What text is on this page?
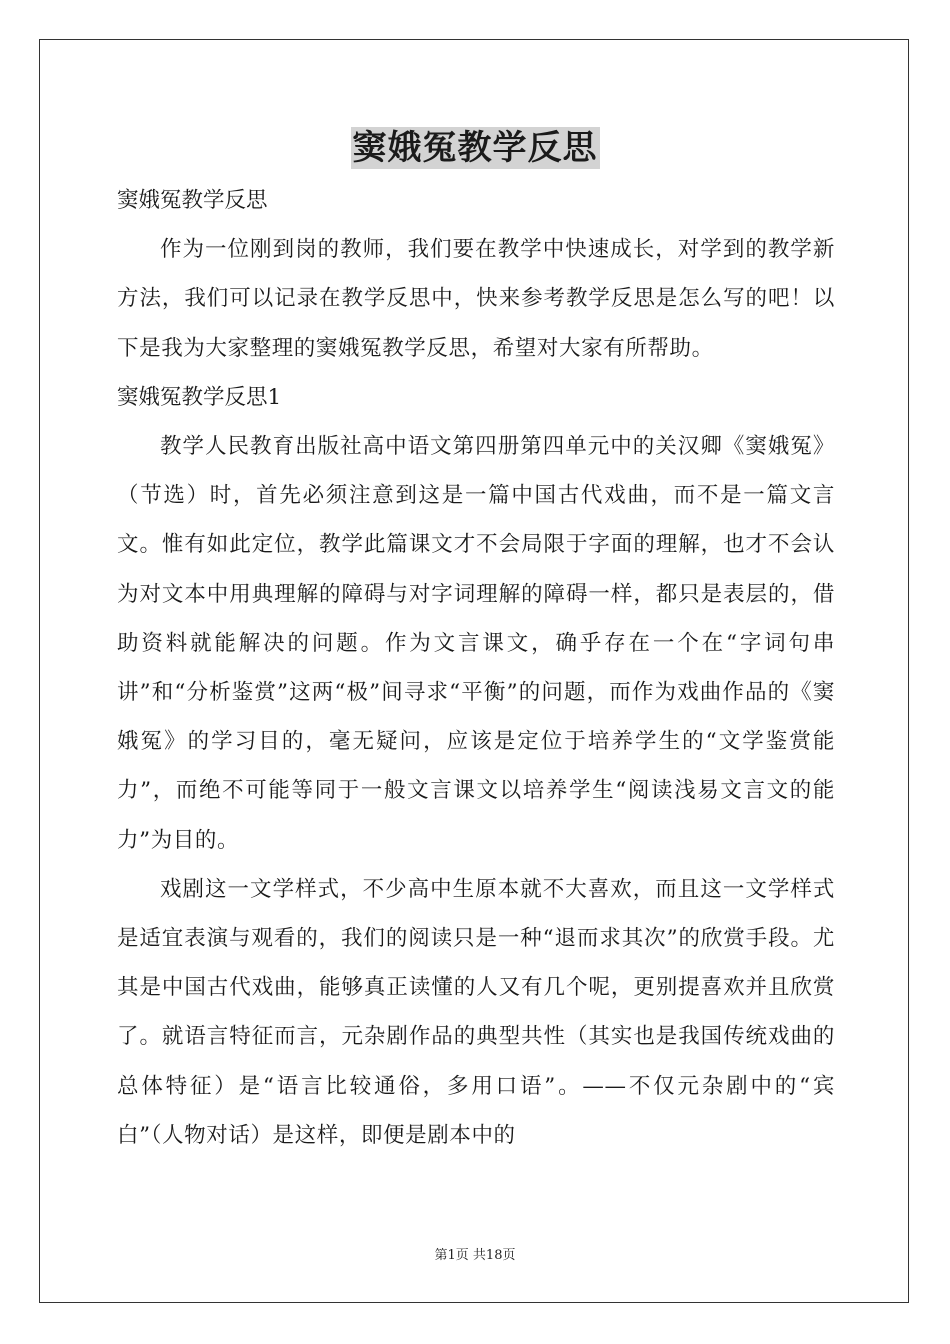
窦娥冤教学反思

窦娥冤教学反思

作为一位刚到岗的教师，我们要在教学中快速成长，对学到的教学新方法，我们可以记录在教学反思中，快来参考教学反思是怎么写的吧！以下是我为大家整理的窦娥冤教学反思，希望对大家有所帮助。

窦娥冤教学反思1

教学人民教育出版社高中语文第四册第四单元中的关汉卿《窦娥冤》（节选）时，首先必须注意到这是一篇中国古代戏曲，而不是一篇文言文。惟有如此定位，教学此篇课文才不会局限于字面的理解，也才不会认为对文本中用典理解的障碍与对字词理解的障碍一样，都只是表层的，借助资料就能解决的问题。作为文言课文，确乎存在一个在“字词句串讲”和“分析鉴赏”这两“极”间寻求“平衡”的问题，而作为戏曲作品的《窦娥冤》的学习目的，毫无疑问，应该是定位于培养学生的“文学鉴赏能力”，而绝不可能等同于一般文言课文以培养学生“阅读浅易文言文的能力”为目的。

戏剧这一文学样式，不少高中生原本就不大喜欢，而且这一文学样式是适宜表演与观看的，我们的阅读只是一种“退而求其次”的欣赏手段。尤其是中国古代戏曲，能够真正读懂的人又有几个呢，更别提喜欢并且欣赏了。就语言特征而言，元杂剧作品的典型共性（其实也是我国传统戏曲的总体特征）是“语言比较通俗，多用口语”。——不仅元杂剧中的“宾白”（人物对话）是这样，即便是剧本中的

第1页 共18页
